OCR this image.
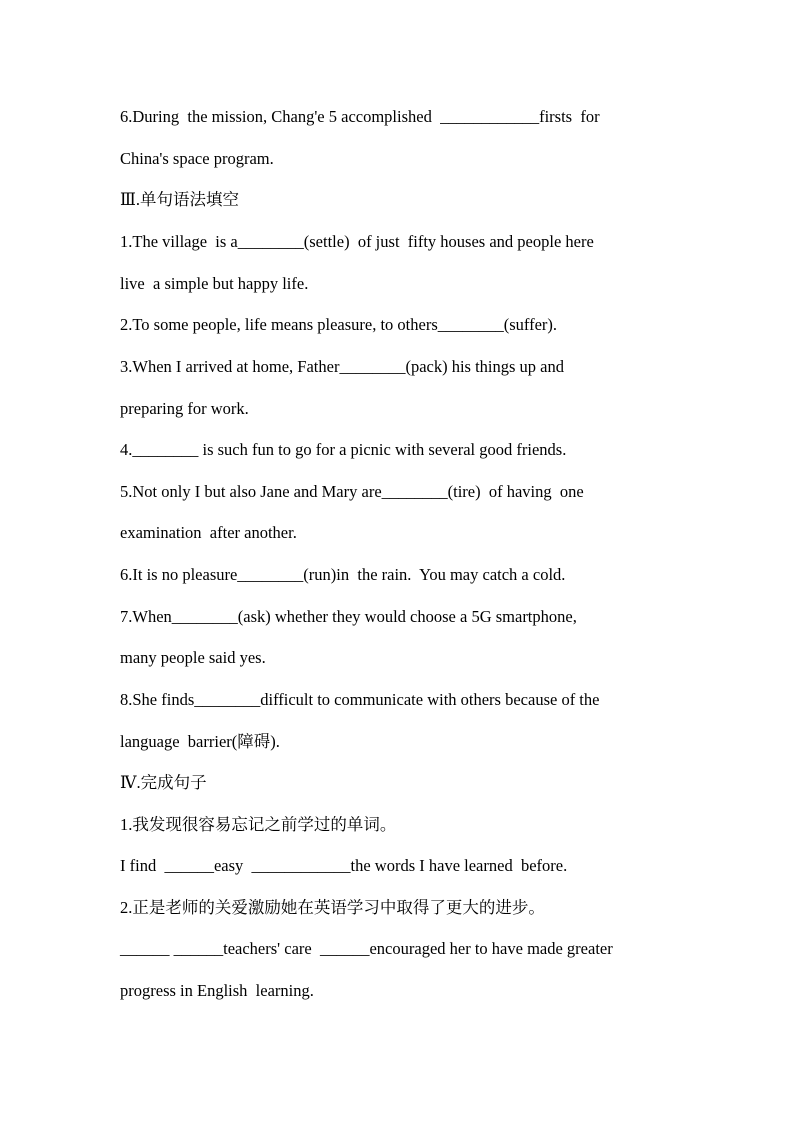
6.During  the mission, Chang'e 5 accomplished  ____________firsts  for
China's space program.
Ⅲ.单句语法填空
1.The village  is a________(settle)  of just  fifty houses and people here
live  a simple but happy life.
2.To some people, life means pleasure, to others________(suffer).
3.When I arrived at home, Father________(pack) his things up and
preparing for work.
4.________ is such fun to go for a picnic with several good friends.
5.Not only I but also Jane and Mary are________(tire)  of having  one
examination  after another.
6.It is no pleasure________(run)in  the rain.  You may catch a cold.
7.When________(ask) whether they would choose a 5G smartphone,
many people said yes.
8.She finds________difficult to communicate with others because of the
language  barrier(障碍).
Ⅳ.完成句子
1.我发现很容易忘记之前学过的单词。
I find  ______easy  ____________the words I have learned  before.
2.正是老师的关爱激励她在英语学习中取得了更大的进步。
______ ______teachers' care  ______encouraged her to have made greater
progress in English  learning.
